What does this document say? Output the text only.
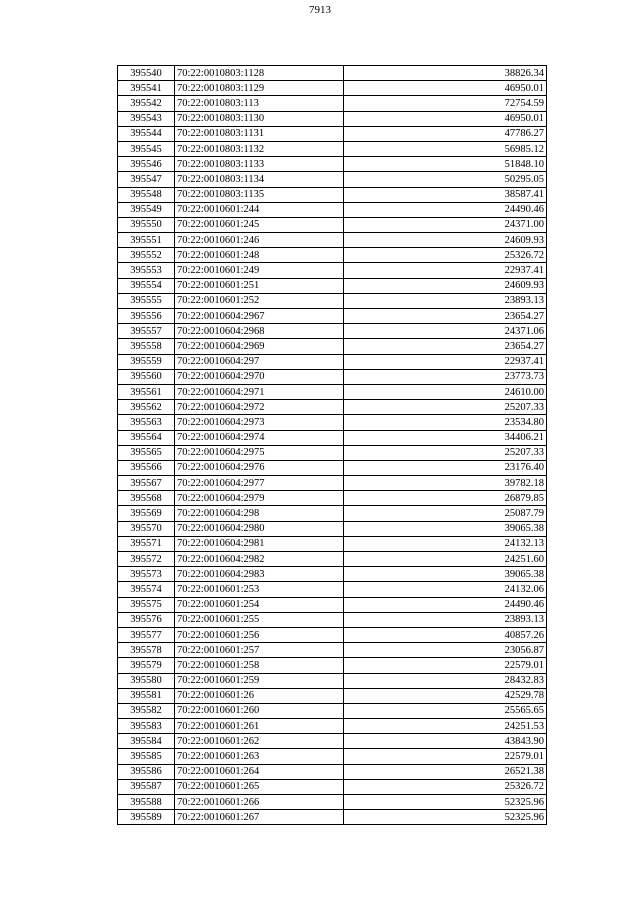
7913
395540	70:22:0010803:1128	38826.34
395541	70:22:0010803:1129	46950.01
395542	70:22:0010803:113	72754.59
395543	70:22:0010803:1130	46950.01
395544	70:22:0010803:1131	47786.27
395545	70:22:0010803:1132	56985.12
395546	70:22:0010803:1133	51848.10
395547	70:22:0010803:1134	50295.05
395548	70:22:0010803:1135	38587.41
395549	70:22:0010601:244	24490.46
395550	70:22:0010601:245	24371.00
395551	70:22:0010601:246	24609.93
395552	70:22:0010601:248	25326.72
395553	70:22:0010601:249	22937.41
395554	70:22:0010601:251	24609.93
395555	70:22:0010601:252	23893.13
395556	70:22:0010604:2967	23654.27
395557	70:22:0010604:2968	24371.06
395558	70:22:0010604:2969	23654.27
395559	70:22:0010604:297	22937.41
395560	70:22:0010604:2970	23773.73
395561	70:22:0010604:2971	24610.00
395562	70:22:0010604:2972	25207.33
395563	70:22:0010604:2973	23534.80
395564	70:22:0010604:2974	34406.21
395565	70:22:0010604:2975	25207.33
395566	70:22:0010604:2976	23176.40
395567	70:22:0010604:2977	39782.18
395568	70:22:0010604:2979	26879.85
395569	70:22:0010604:298	25087.79
395570	70:22:0010604:2980	39065.38
395571	70:22:0010604:2981	24132.13
395572	70:22:0010604:2982	24251.60
395573	70:22:0010604:2983	39065.38
395574	70:22:0010601:253	24132.06
395575	70:22:0010601:254	24490.46
395576	70:22:0010601:255	23893.13
395577	70:22:0010601:256	40857.26
395578	70:22:0010601:257	23056.87
395579	70:22:0010601:258	22579.01
395580	70:22:0010601:259	28432.83
395581	70:22:0010601:26	42529.78
395582	70:22:0010601:260	25565.65
395583	70:22:0010601:261	24251.53
395584	70:22:0010601:262	43843.90
395585	70:22:0010601:263	22579.01
395586	70:22:0010601:264	26521.38
395587	70:22:0010601:265	25326.72
395588	70:22:0010601:266	52325.96
395589	70:22:0010601:267	52325.96
